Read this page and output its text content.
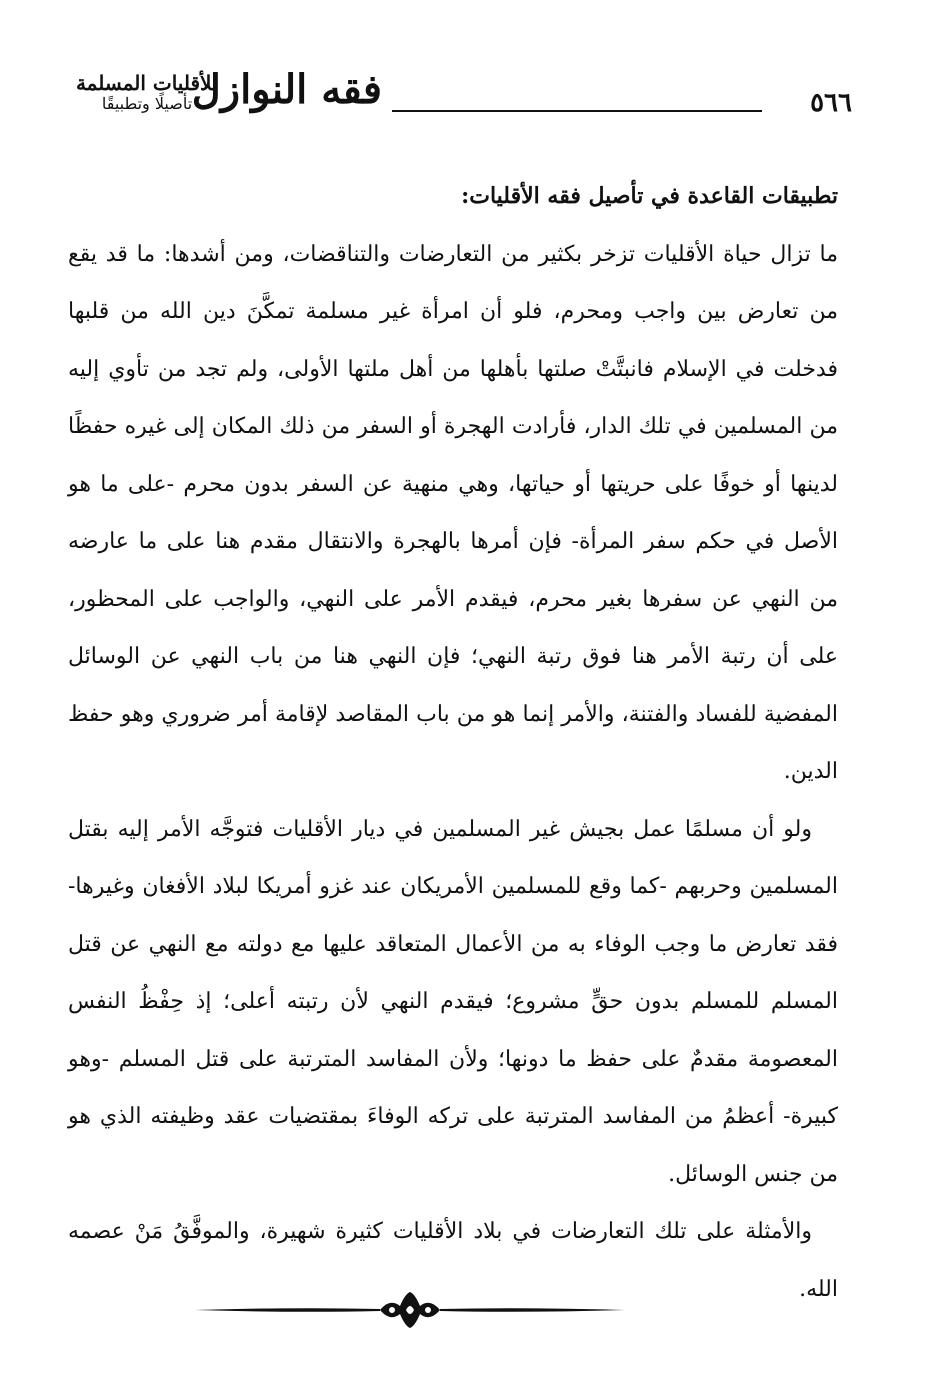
٥٦٦
فقه النوازل
للأقليات المسلمة
تأصيلًا وتطبيقًا

تطبيقات القاعدة في تأصيل فقه الأقليات:

ما تزال حياة الأقليات تزخر بكثير من التعارضات والتناقضات، ومن أشدها: ما قد يقع من تعارض بين واجب ومحرم، فلو أن امرأة غير مسلمة تمكَّنَ دين الله من قلبها فدخلت في الإسلام فانبتَّتْ صلتها بأهلها من أهل ملتها الأولى، ولم تجد من تأوي إليه من المسلمين في تلك الدار، فأرادت الهجرة أو السفر من ذلك المكان إلى غيره حفظًا لدينها أو خوفًا على حريتها أو حياتها، وهي منهية عن السفر بدون محرم -على ما هو الأصل في حكم سفر المرأة- فإن أمرها بالهجرة والانتقال مقدم هنا على ما عارضه من النهي عن سفرها بغير محرم، فيقدم الأمر على النهي، والواجب على المحظور، على أن رتبة الأمر هنا فوق رتبة النهي؛ فإن النهي هنا من باب النهي عن الوسائل المفضية للفساد والفتنة، والأمر إنما هو من باب المقاصد لإقامة أمر ضروري وهو حفظ الدين.

ولو أن مسلمًا عمل بجيش غير المسلمين في ديار الأقليات فتوجَّه الأمر إليه بقتل المسلمين وحربهم -كما وقع للمسلمين الأمريكان عند غزو أمريكا لبلاد الأفغان وغيرها- فقد تعارض ما وجب الوفاء به من الأعمال المتعاقد عليها مع دولته مع النهي عن قتل المسلم للمسلم بدون حقٍّ مشروع؛ فيقدم النهي لأن رتبته أعلى؛ إذ حِفْظُ النفس المعصومة مقدمٌ على حفظ ما دونها؛ ولأن المفاسد المترتبة على قتل المسلم -وهو كبيرة- أعظمُ من المفاسد المترتبة على تركه الوفاءَ بمقتضيات عقد وظيفته الذي هو من جنس الوسائل.

والأمثلة على تلك التعارضات في بلاد الأقليات كثيرة شهيرة، والموفَّقُ مَنْ عصمه الله.
